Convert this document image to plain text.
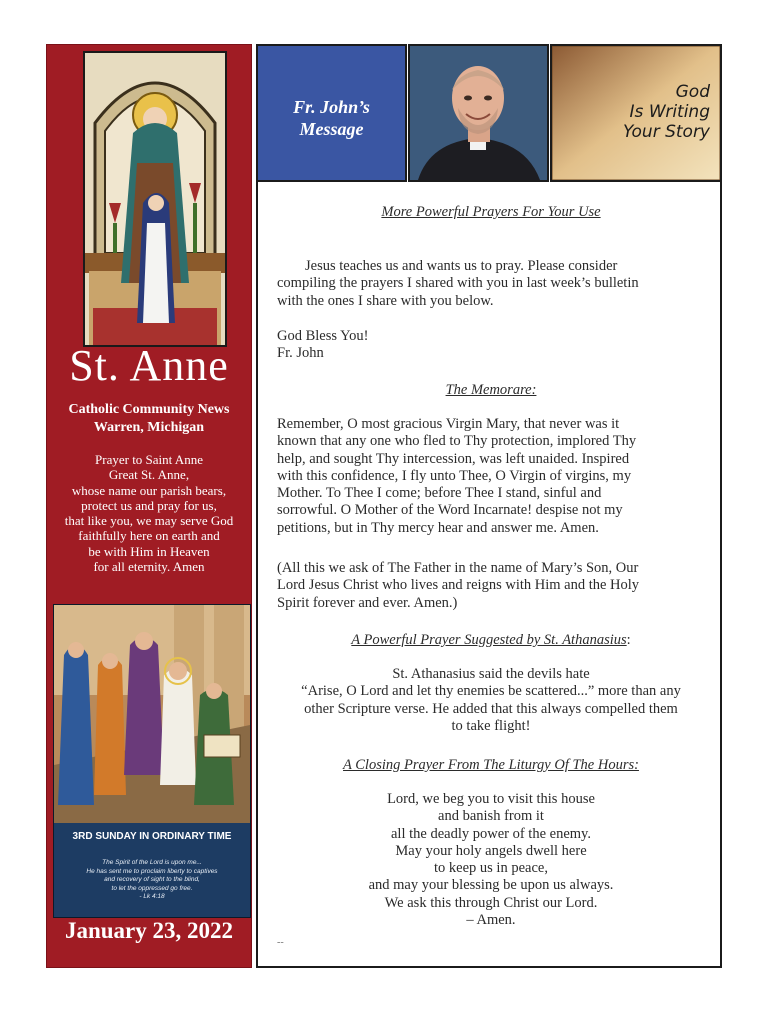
St. Anne
Catholic Community News
Warren, Michigan
Prayer to Saint Anne
Great St. Anne,
whose name our parish bears,
protect us and pray for us,
that like you, we may serve God
faithfully here on earth and
be with Him in Heaven
for all eternity. Amen
3RD SUNDAY IN ORDINARY TIME
The Spirit of the Lord is upon me...
He has sent me to proclaim liberty to captives
and recovery of sight to the blind,
to let the oppressed go free.
- Lk 4:18
January 23, 2022
Fr. John’s
Message
God
Is Writing
Your Story
More Powerful Prayers For Your Use
Jesus teaches us and wants us to pray. Please consider
compiling the prayers I shared with you in last week’s bulletin
with the ones I share with you below.
God Bless You!
Fr. John
The Memorare:
Remember, O most gracious Virgin Mary, that never was it
known that any one who fled to Thy protection, implored Thy
help, and sought Thy intercession, was left unaided. Inspired
with this confidence, I fly unto Thee, O Virgin of virgins, my
Mother. To Thee I come; before Thee I stand, sinful and
sorrowful. O Mother of the Word Incarnate! despise not my
petitions, but in Thy mercy hear and answer me. Amen.
(All this we ask of The Father in the name of Mary’s Son, Our
Lord Jesus Christ who lives and reigns with Him and the Holy
Spirit forever and ever. Amen.)
A Powerful Prayer Suggested by St. Athanasius:
St. Athanasius said the devils hate
“Arise, O Lord and let thy enemies be scattered...” more than any
other Scripture verse. He added that this always compelled them
to take flight!
A Closing Prayer From The Liturgy Of The Hours:
Lord, we beg you to visit this house
and banish from it
all the deadly power of the enemy.
May your holy angels dwell here
to keep us in peace,
and may your blessing be upon us always.
We ask this through Christ our Lord.
– Amen.
--
